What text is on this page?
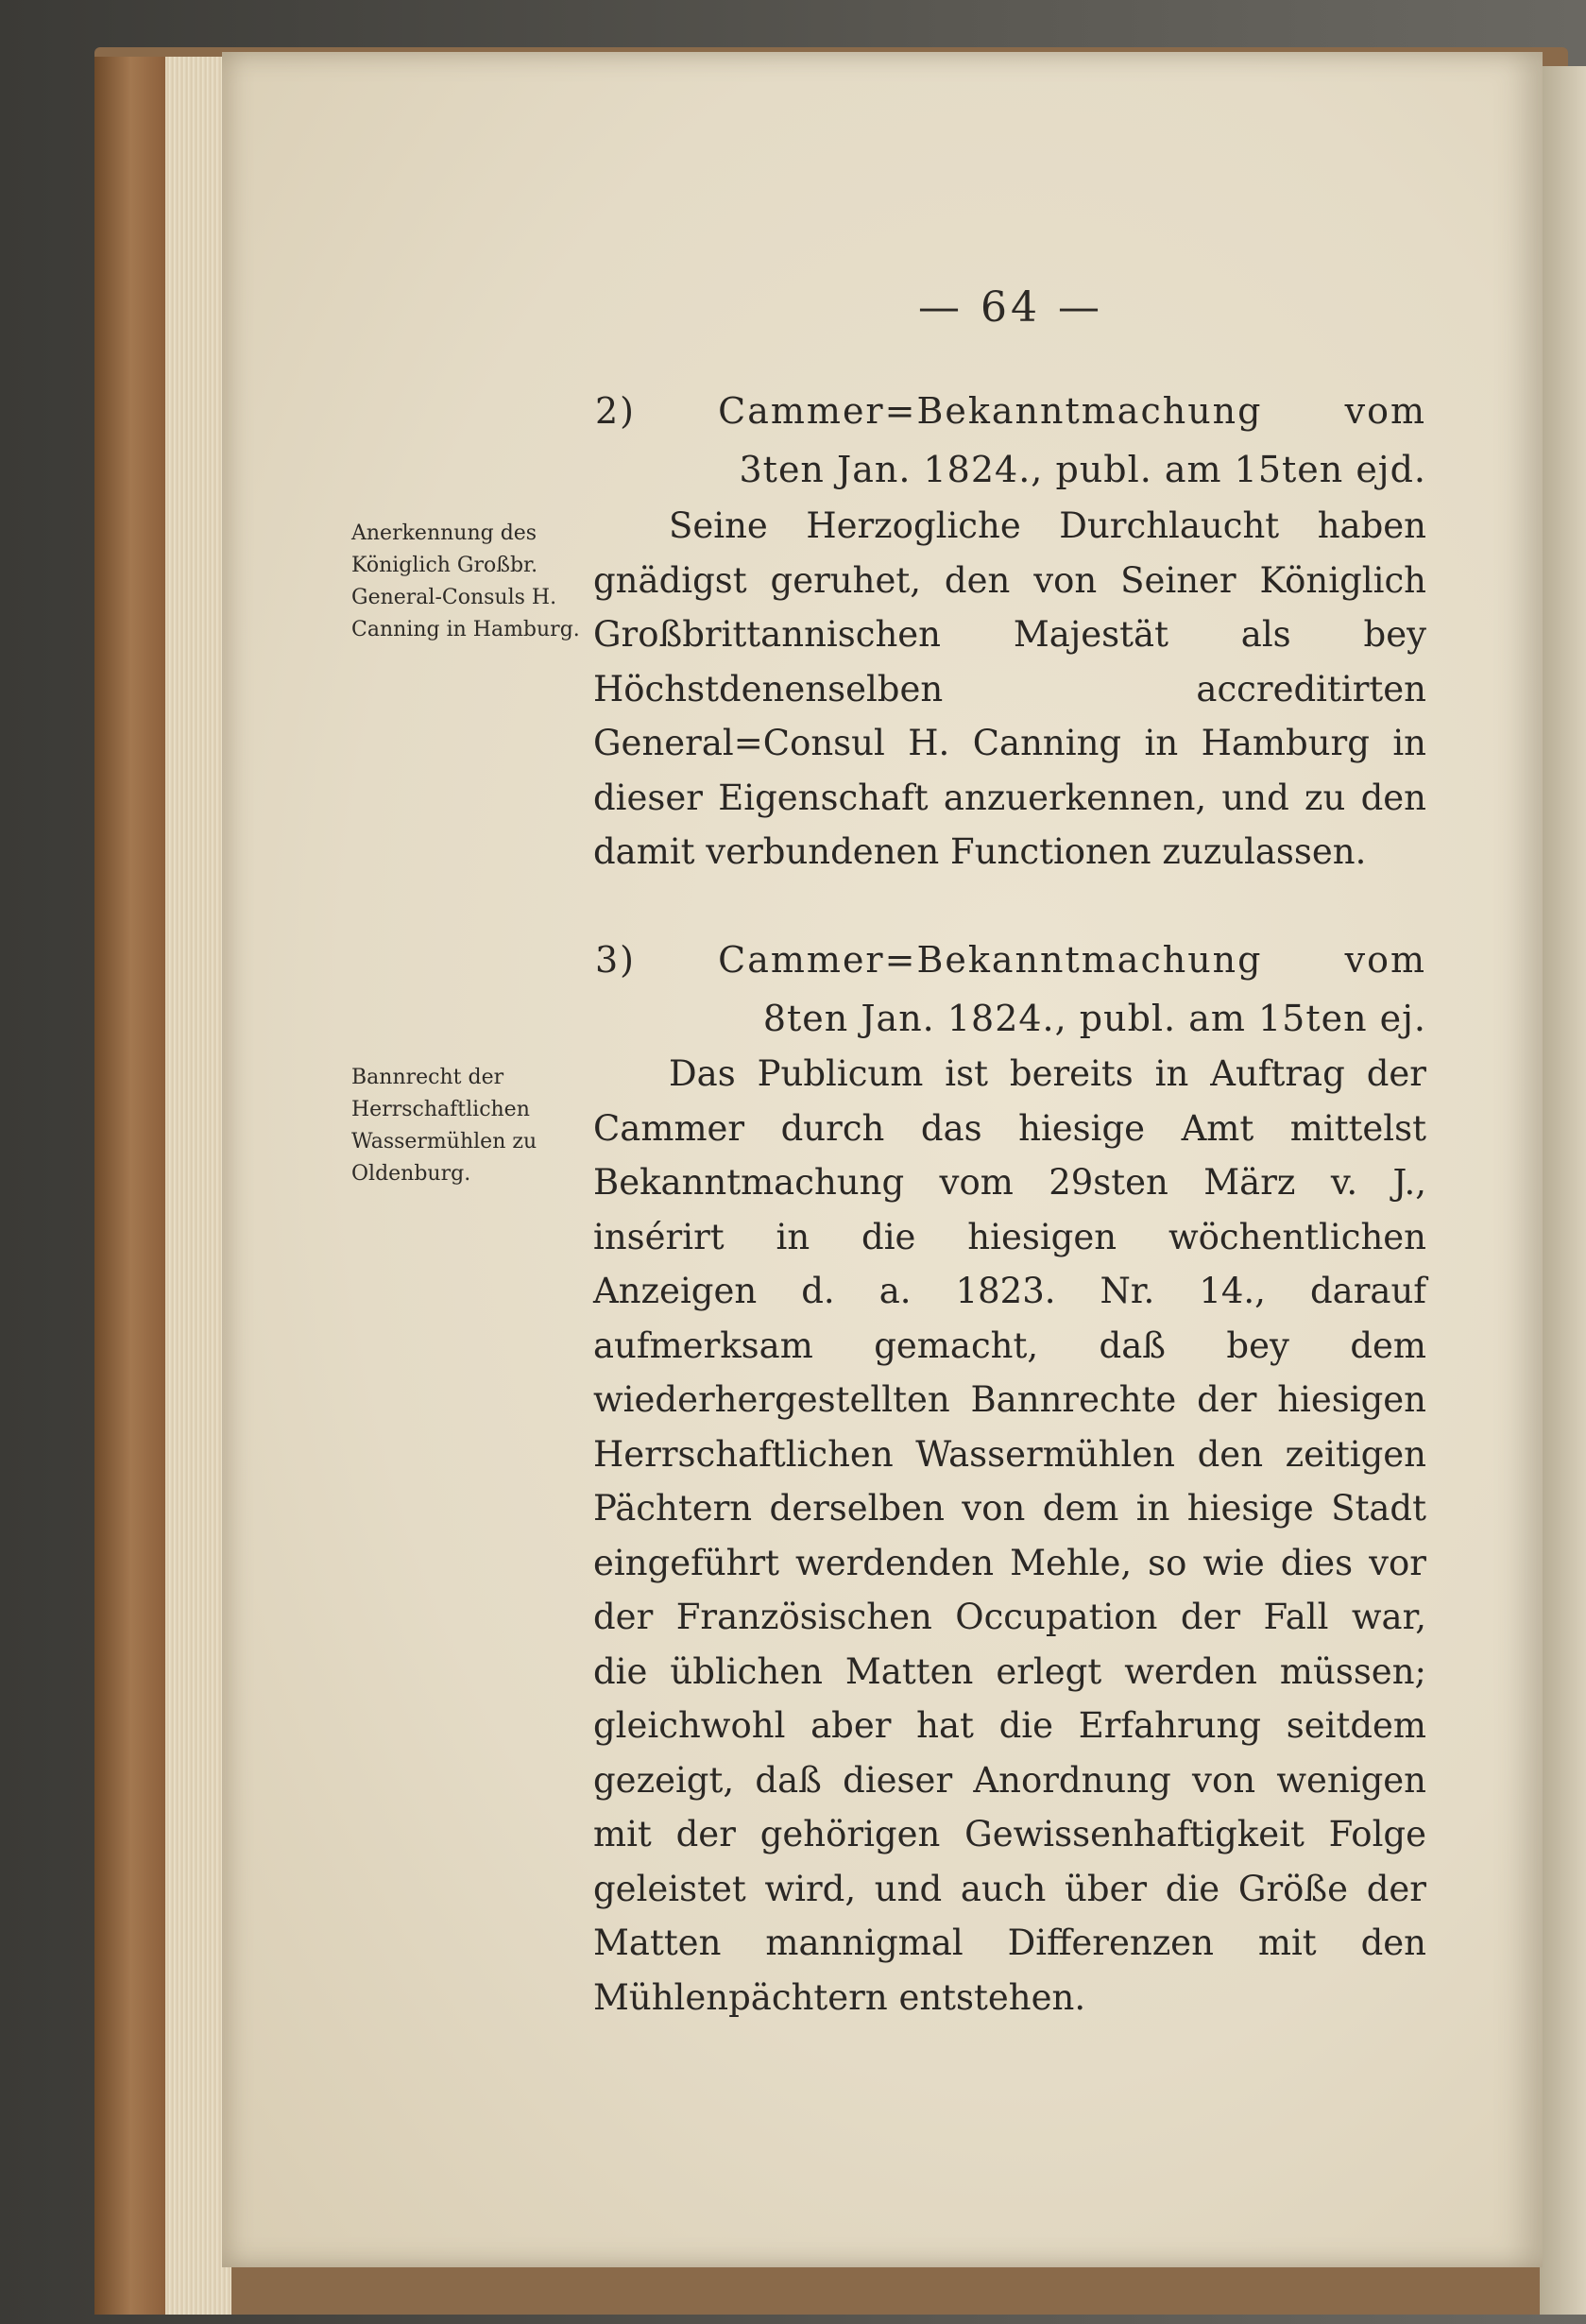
— 64 —
2) Cammer=Bekanntmachung vom
3ten Jan. 1824., publ. am 15ten ejd.
Anerkennung des Königlich Großbr. General-Consuls H. Canning in Hamburg.
Seine Herzogliche Durchlaucht haben gnädigst geruhet, den von Seiner Königlich Großbrittannischen Majestät als bey Höchstdenenselben accreditirten General=Consul H. Canning in Hamburg in dieser Eigenschaft anzuerkennen, und zu den damit verbundenen Functionen zuzulassen.
3) Cammer=Bekanntmachung vom
8ten Jan. 1824., publ. am 15ten ej.
Bannrecht der Herrschaftlichen Wassermühlen zu Oldenburg.
Das Publicum ist bereits in Auftrag der Cammer durch das hiesige Amt mittelst Bekanntmachung vom 29sten März v. J., insérirt in die hiesigen wöchentlichen Anzeigen d. a. 1823. Nr. 14., darauf aufmerksam gemacht, daß bey dem wiederhergestellten Bannrechte der hiesigen Herrschaftlichen Wassermühlen den zeitigen Pächtern derselben von dem in hiesige Stadt eingeführt werdenden Mehle, so wie dies vor der Französischen Occupation der Fall war, die üblichen Matten erlegt werden müssen; gleichwohl aber hat die Erfahrung seitdem gezeigt, daß dieser Anordnung von wenigen mit der gehörigen Gewissenhaftigkeit Folge geleistet wird, und auch über die Größe der Matten mannigmal Differenzen mit den Mühlenpächtern entstehen.
